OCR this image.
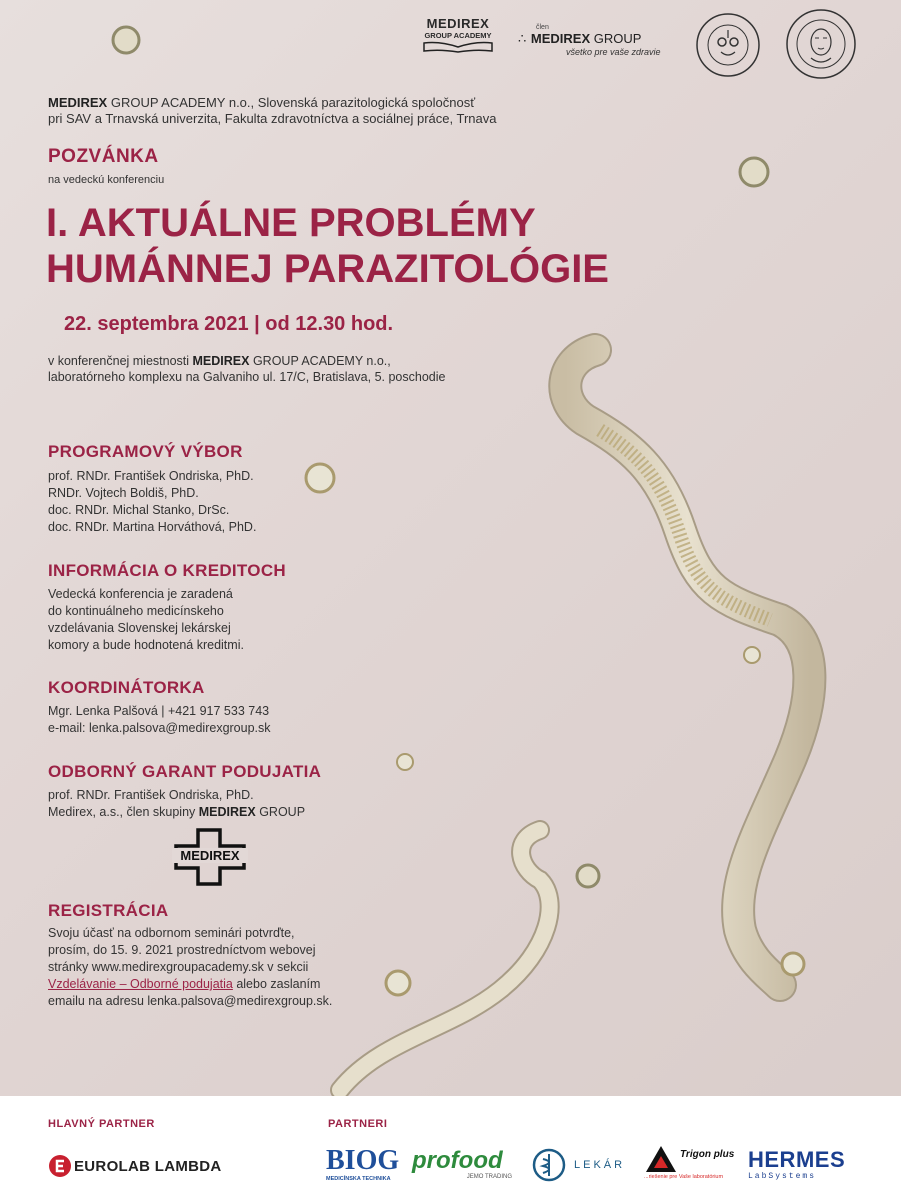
MEDIREX
GROUP ACADEMY
člen
∴ MEDIREX GROUP
všetko pre vaše zdravie
MEDIREX GROUP ACADEMY n.o., Slovenská parazitologická spoločnosť
pri SAV a Trnavská univerzita, Fakulta zdravotníctva a sociálnej práce, Trnava
POZVÁNKA
na vedeckú konferenciu
I. AKTUÁLNE PROBLÉMY
HUMÁNNEJ PARAZITOLÓGIE
22. septembra 2021 | od 12.30 hod.
v konferenčnej miestnosti MEDIREX GROUP ACADEMY n.o.,
laboratórneho komplexu na Galvaniho ul. 17/C, Bratislava, 5. poschodie
PROGRAMOVÝ VÝBOR
prof. RNDr. František Ondriska, PhD.
RNDr. Vojtech Boldiš, PhD.
doc. RNDr. Michal Stanko, DrSc.
doc. RNDr. Martina Horváthová, PhD.
INFORMÁCIA O KREDITOCH
Vedecká konferencia je zaradená
do kontinuálneho medicínskeho
vzdelávania Slovenskej lekárskej
komory a bude hodnotená kreditmi.
KOORDINÁTORKA
Mgr. Lenka Palšová | +421 917 533 743
e-mail: lenka.palsova@medirexgroup.sk
ODBORNÝ GARANT PODUJATIA
prof. RNDr. František Ondriska, PhD.
Medirex, a.s., člen skupiny MEDIREX GROUP
MEDIREX
REGISTRÁCIA
Svoju účasť na odbornom seminári potvrďte,
prosím, do 15. 9. 2021 prostredníctvom webovej
stránky www.medirexgroupacademy.sk v sekcii
Vzdelávanie – Odborné podujatia alebo zaslaním
emailu na adresu lenka.palsova@medirexgroup.sk.
HLAVNÝ PARTNER	PARTNERI
EUROLAB LAMBDA	BIOG
MEDICÍNSKA TECHNIKA
profood
JEMO TRADING
LEKÁR
Trigon plus
...riešenie pre Vaše laboratórium
HERMES
LabSystems
